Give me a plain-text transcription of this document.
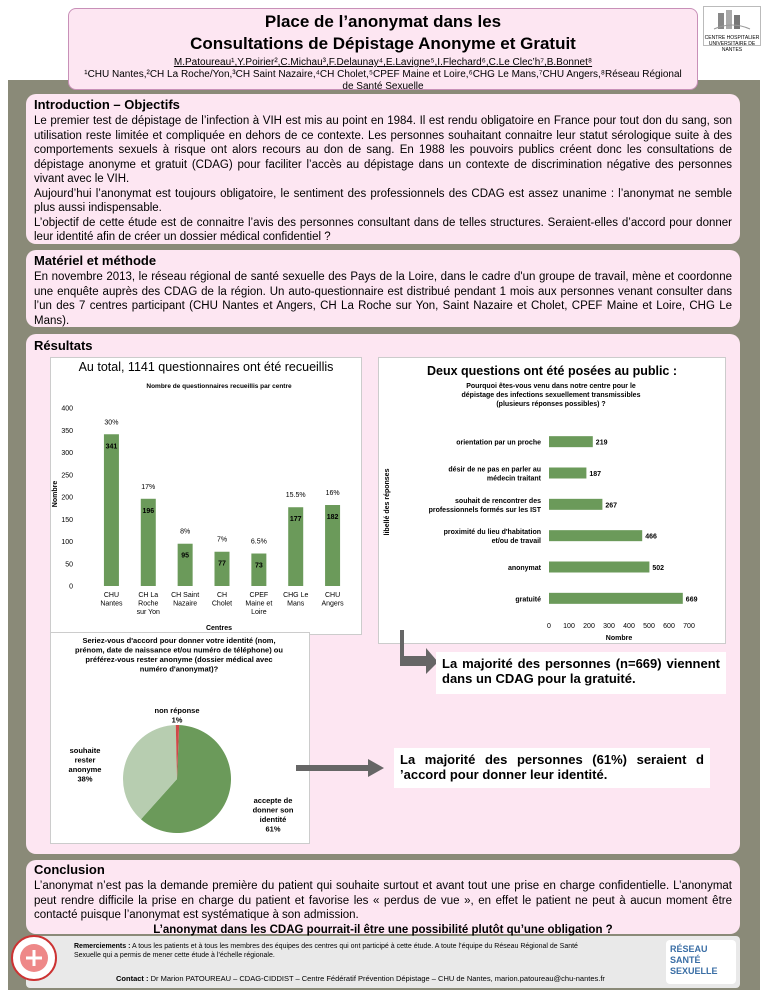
Place de l’anonymat dans les
Consultations de Dépistage Anonyme et Gratuit
M.Patoureau¹,Y.Poirier²,C.Michau³,F.Delaunay⁴,E.Lavigne⁵,I.Flechard⁶,C.Le Clec’h⁷,B.Bonnet⁸
¹CHU Nantes,²CH La Roche/Yon,³CH Saint Nazaire,⁴CH Cholet,⁵CPEF Maine et Loire,⁶CHG Le Mans,⁷CHU Angers,⁸Réseau Régional de Santé Sexuelle
CENTRE HOSPITALIER UNIVERSITAIRE DE NANTES
Introduction – Objectifs
Le premier test de dépistage de l’infection à VIH est mis au point en 1984. Il est rendu obligatoire en France pour tout don du sang, son utilisation reste limitée et compliquée en dehors de ce contexte. Les personnes souhaitant connaitre leur statut sérologique suite à des comportements sexuels à risque ont alors recours au don de sang. En 1988 les pouvoirs publics créent donc les consultations de dépistage anonyme et gratuit (CDAG) pour faciliter l’accès au dépistage dans un contexte de discrimination négative des personnes vivant avec le VIH.
Aujourd’hui l’anonymat est toujours obligatoire, le sentiment des professionnels des CDAG est assez unanime : l’anonymat ne semble plus aussi indispensable.
L’objectif de cette étude est de connaitre l’avis des personnes consultant dans de telles structures. Seraient-elles d’accord pour donner leur identité afin de créer un dossier médical confidentiel ?
Matériel et méthode
En novembre 2013, le réseau régional de santé sexuelle des Pays de la Loire, dans le cadre d'un groupe de travail, mène et coordonne une enquête auprès des CDAG de la région. Un auto-questionnaire est distribué pendant 1 mois aux personnes venant consulter dans l’un des 7 centres participant (CHU Nantes et Angers, CH La Roche sur Yon, Saint Nazaire et Cholet, CPEF Maine et Loire, CHG Le Mans).
Résultats
Au total, 1141 questionnaires ont été recueillis
Nombre de questionnaires recueillis par centre
0
50
100
150
200
250
300
350
400
Nombre
341
30%
CHU Nantes
196
17%
CH La Roche sur Yon
95
8%
CH Saint Nazaire
77
7%
CH Cholet
73
6.5%
CPEF Maine et Loire
177
15.5%
CHG Le Mans
182
16%
CHU Angers
Centres
Deux questions ont été posées au public :
Pourquoi êtes-vous venu dans notre centre pour le dépistage des infections sexuellement transmissibles (plusieurs réponses possibles) ?
219
orientation par un proche
187
désir de ne pas en parler au médecin traitant
267
souhait de rencontrer des professionnels formés sur les IST
466
proximité du lieu d'habitation et/ou de travail
502
anonymat
669
gratuité
0 100 200 300 400 500 600 700
Nombre
libellé des réponses
La majorité des personnes (n=669) viennent dans un CDAG pour la gratuité.
Seriez-vous d'accord pour donner votre identité (nom, prénom, date de naissance et/ou numéro de téléphone) ou préférez-vous rester anonyme (dossier médical avec numéro d'anonymat)?
accepte de donner son identité 61%
souhaite rester anonyme 38%
non réponse 1%
La majorité des personnes (61%) seraient d ’accord pour donner leur identité.
Conclusion
L’anonymat n’est pas la demande première du patient qui souhaite surtout et avant tout une prise en charge confidentielle. L’anonymat peut rendre difficile la prise en charge du patient et favorise les « perdus de vue », en effet le patient ne peut à aucun moment être contacté puisque l’anonymat est systématique à son admission.
L’anonymat dans les CDAG pourrait-il être une possibilité plutôt qu’une obligation ?
Remerciements : A tous les patients et à tous les membres des équipes des centres qui ont participé à cette étude. A toute l’équipe du Réseau Régional de Santé Sexuelle qui a permis de mener cette étude à l’échelle régionale.
Contact : Dr Marion PATOUREAU – CDAG-CIDDIST – Centre Fédératif Prévention Dépistage – CHU de Nantes, marion.patoureau@chu-nantes.fr
RÉSEAU SANTÉ SEXUELLE
